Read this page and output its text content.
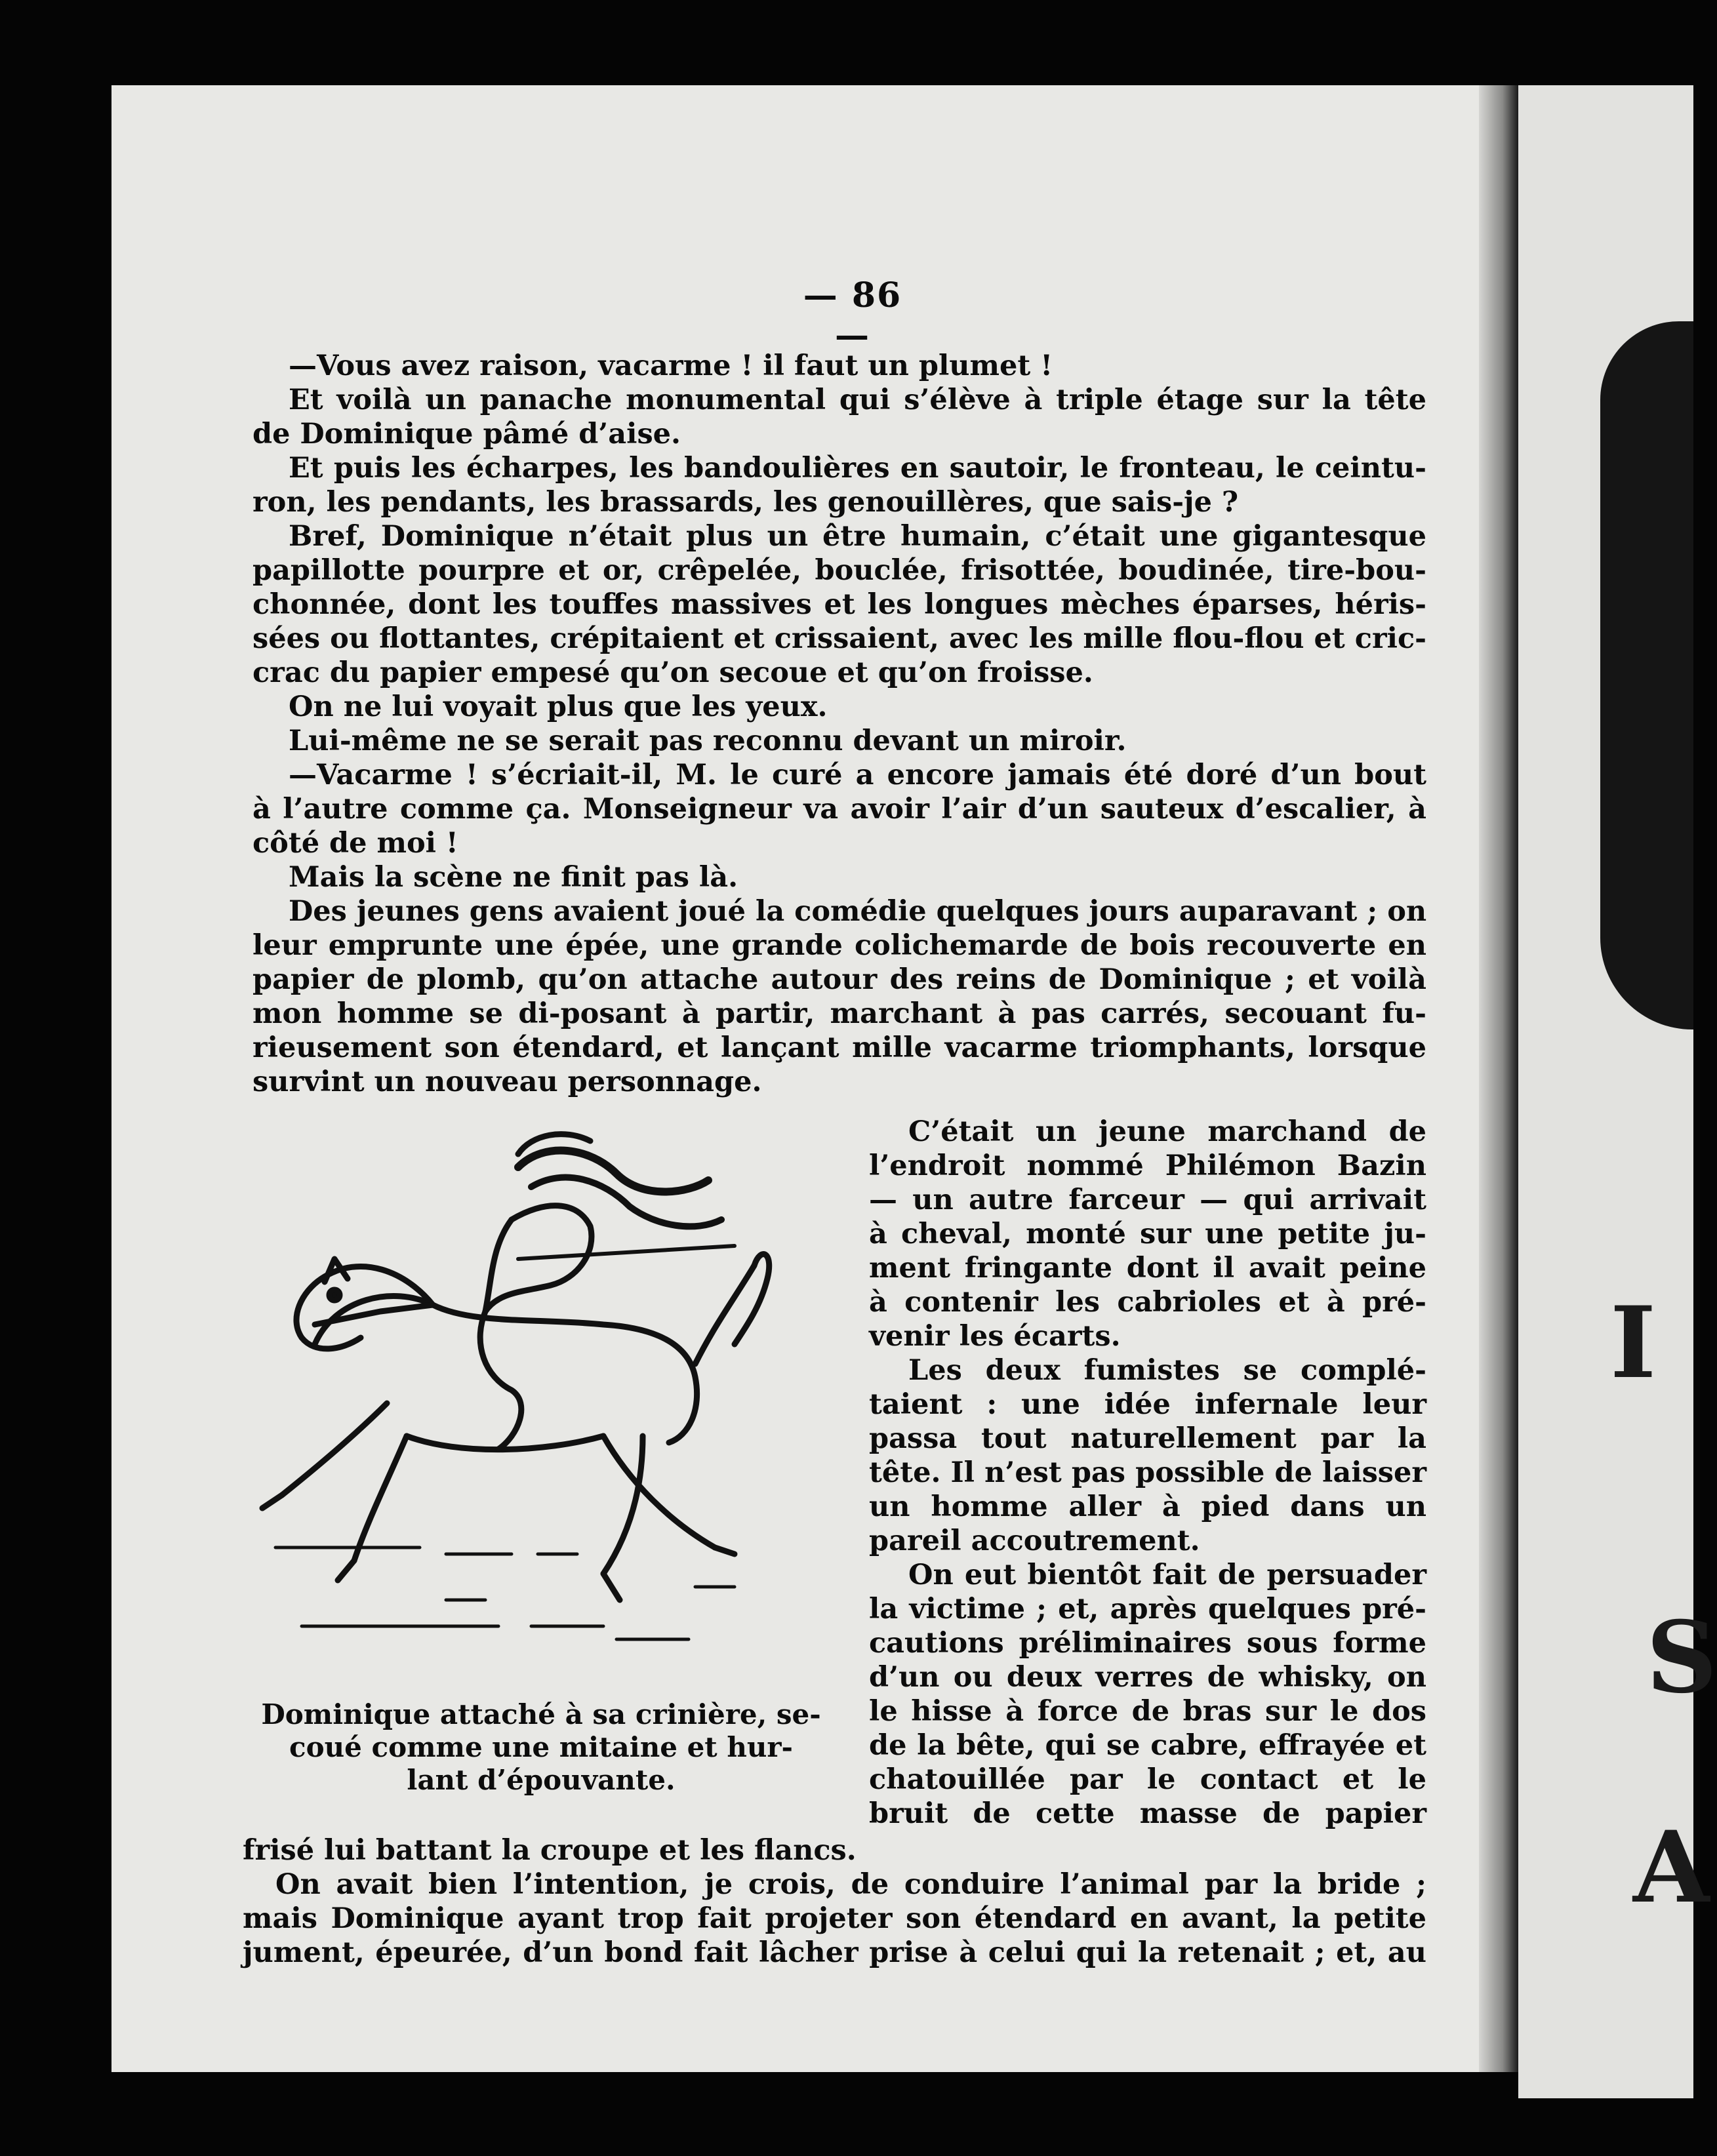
I
S
A
— 86 —
—Vous avez raison, vacarme ! il faut un plumet !
Et voilà un panache monumental qui s’élève à triple étage sur la tête
de Dominique pâmé d’aise.
Et puis les écharpes, les bandoulières en sautoir, le fronteau, le ceintu-
ron, les pendants, les brassards, les genouillères, que sais-je ?
Bref, Dominique n’était plus un être humain, c’était une gigantesque
papillotte pourpre et or, crêpelée, bouclée, frisottée, boudinée, tire-bou-
chonnée, dont les touffes massives et les longues mèches éparses, héris-
sées ou flottantes, crépitaient et crissaient, avec les mille flou-flou et cric-
crac du papier empesé qu’on secoue et qu’on froisse.
On ne lui voyait plus que les yeux.
Lui-même ne se serait pas reconnu devant un miroir.
—Vacarme ! s’écriait-il, M. le curé a encore jamais été doré d’un bout
à l’autre comme ça. Monseigneur va avoir l’air d’un sauteux d’escalier, à
côté de moi !
Mais la scène ne finit pas là.
Des jeunes gens avaient joué la comédie quelques jours auparavant ; on
leur emprunte une épée, une grande colichemarde de bois recouverte en
papier de plomb, qu’on attache autour des reins de Dominique ; et voilà
mon homme se di-posant à partir, marchant à pas carrés, secouant fu-
rieusement son étendard, et lançant mille vacarme triomphants, lorsque
survint un nouveau personnage.
C’était un jeune marchand de
l’endroit nommé Philémon Bazin
— un autre farceur — qui arrivait
à cheval, monté sur une petite ju-
ment fringante dont il avait peine
à contenir les cabrioles et à pré-
venir les écarts.
Les deux fumistes se complé-
taient : une idée infernale leur
passa tout naturellement par la
tête. Il n’est pas possible de laisser
un homme aller à pied dans un
pareil accoutrement.
On eut bientôt fait de persuader
la victime ; et, après quelques pré-
cautions préliminaires sous forme
d’un ou deux verres de whisky, on
le hisse à force de bras sur le dos
de la bête, qui se cabre, effrayée et
chatouillée par le contact et le
bruit de cette masse de papier
Dominique attaché à sa crinière, se-
coué comme une mitaine et hur-
lant d’épouvante.
frisé lui battant la croupe et les flancs.
On avait bien l’intention, je crois, de conduire l’animal par la bride ;
mais Dominique ayant trop fait projeter son étendard en avant, la petite
jument, épeurée, d’un bond fait lâcher prise à celui qui la retenait ; et, au
